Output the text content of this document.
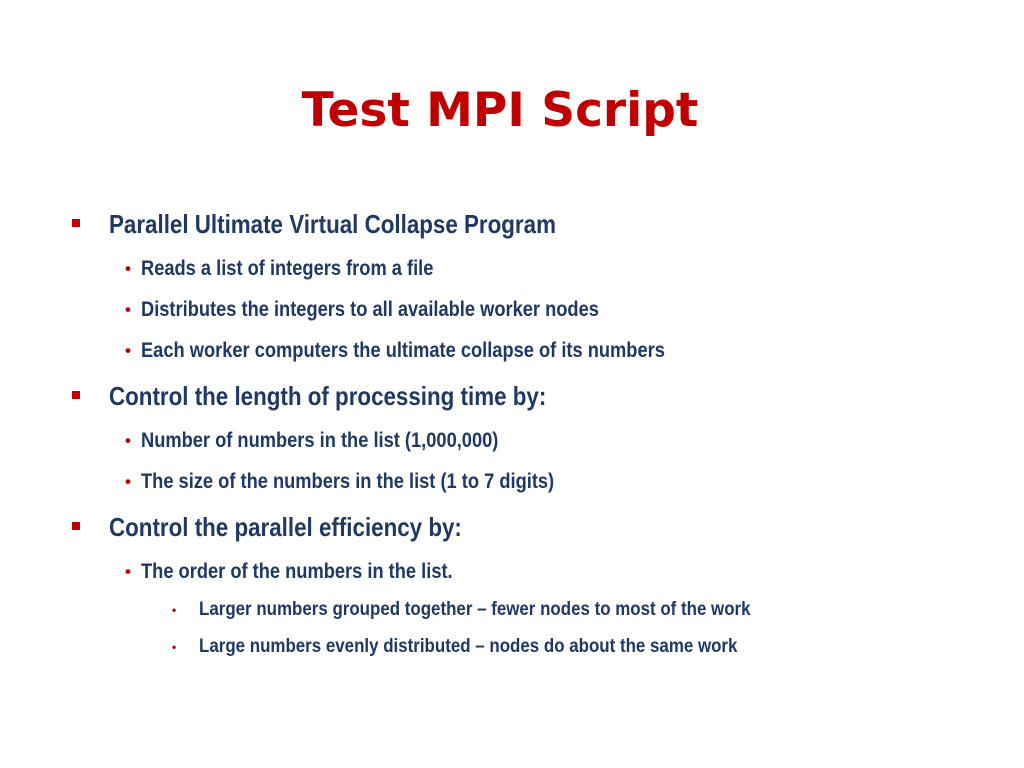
Test MPI Script
Parallel Ultimate Virtual Collapse Program
• Reads a list of integers from a file
• Distributes the integers to all available worker nodes
• Each worker computers the ultimate collapse of its numbers
Control the length of processing time by:
• Number of numbers in the list (1,000,000)
• The size of the numbers in the list (1 to 7 digits)
Control the parallel efficiency by:
• The order of the numbers in the list.
• Larger numbers grouped together – fewer nodes to most of the work
• Large numbers evenly distributed – nodes do about the same work
